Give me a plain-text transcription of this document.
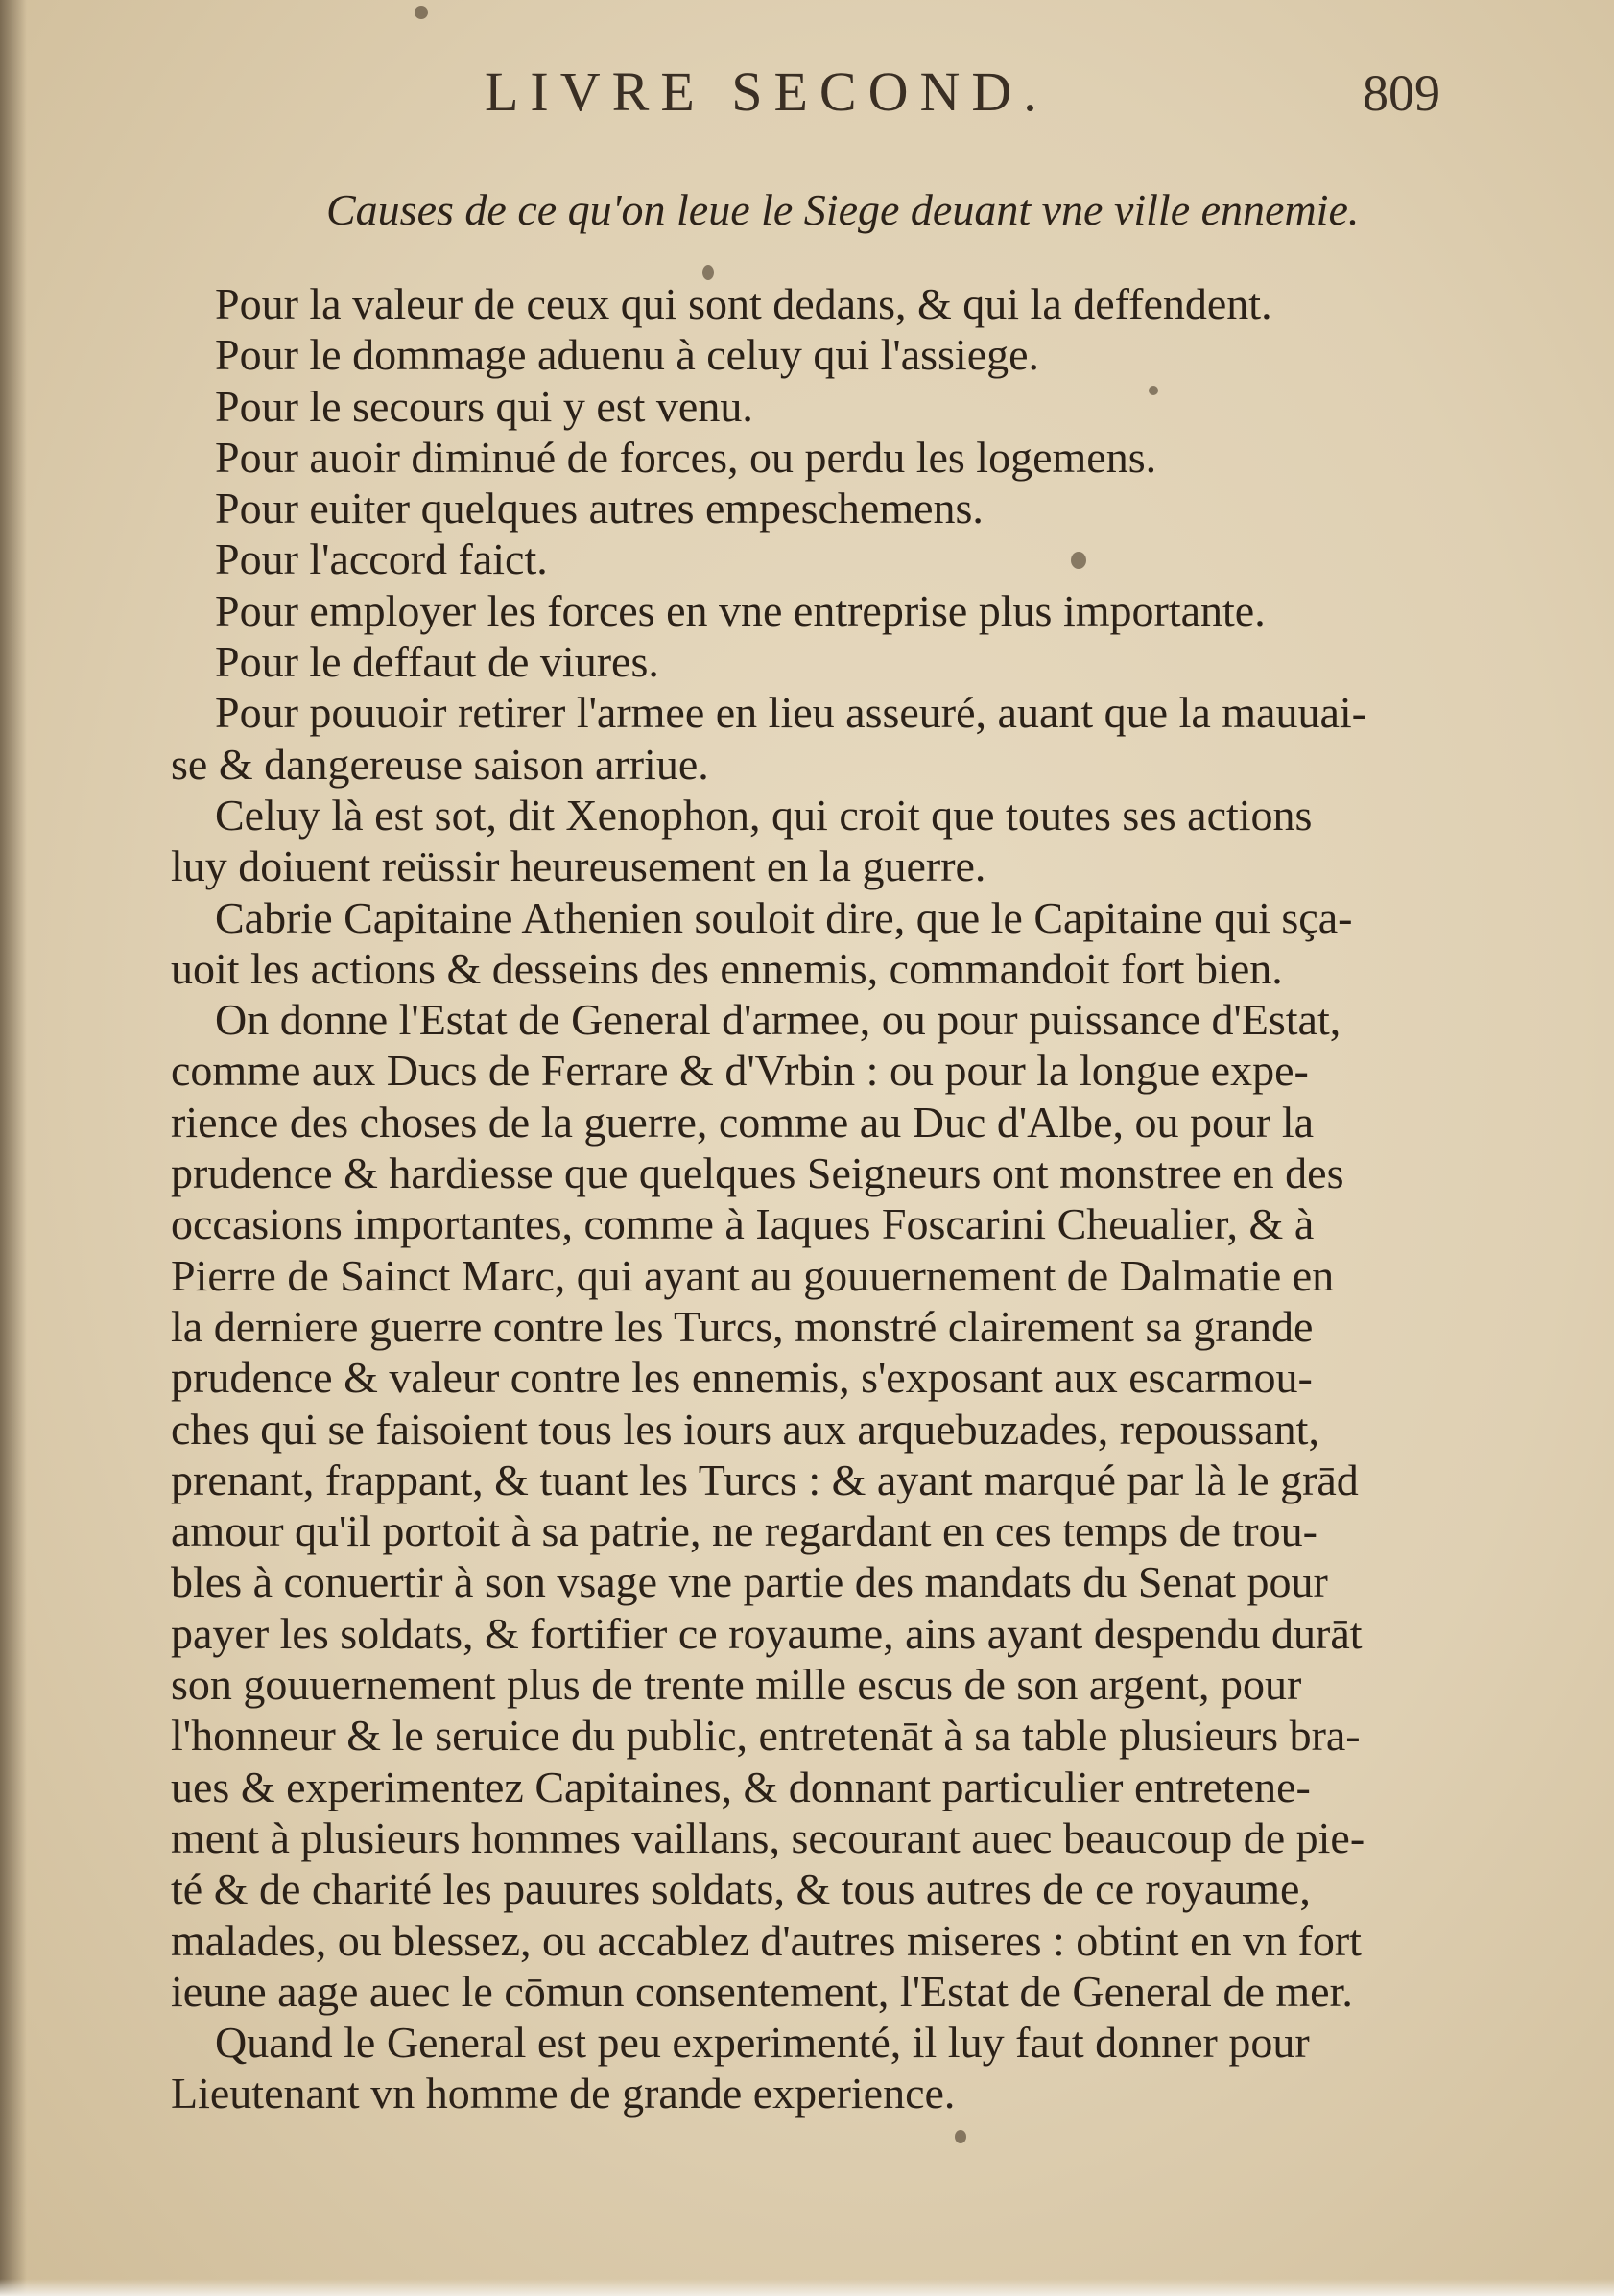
LIVRE SECOND.	809
Causes de ce qu'on leue le Siege deuant vne ville ennemie.
Pour la valeur de ceux qui sont dedans, & qui la deffendent.
Pour le dommage aduenu à celuy qui l'assiege.
Pour le secours qui y est venu.
Pour auoir diminué de forces, ou perdu les logemens.
Pour euiter quelques autres empeschemens.
Pour l'accord faict.
Pour employer les forces en vne entreprise plus importante.
Pour le deffaut de viures.
Pour pouuoir retirer l'armee en lieu asseuré, auant que la mauuai-
se & dangereuse saison arriue.
Celuy là est sot, dit Xenophon, qui croit que toutes ses actions
luy doiuent reüssir heureusement en la guerre.
Cabrie Capitaine Athenien souloit dire, que le Capitaine qui sça-
uoit les actions & desseins des ennemis, commandoit fort bien.
On donne l'Estat de General d'armee, ou pour puissance d'Estat,
comme aux Ducs de Ferrare & d'Vrbin : ou pour la longue expe-
rience des choses de la guerre, comme au Duc d'Albe, ou pour la
prudence & hardiesse que quelques Seigneurs ont monstree en des
occasions importantes, comme à Iaques Foscarini Cheualier, & à
Pierre de Sainct Marc, qui ayant au gouuernement de Dalmatie en
la derniere guerre contre les Turcs, monstré clairement sa grande
prudence & valeur contre les ennemis, s'exposant aux escarmou-
ches qui se faisoient tous les iours aux arquebuzades, repoussant,
prenant, frappant, & tuant les Turcs : & ayant marqué par là le grād
amour qu'il portoit à sa patrie, ne regardant en ces temps de trou-
bles à conuertir à son vsage vne partie des mandats du Senat pour
payer les soldats, & fortifier ce royaume, ains ayant despendu durāt
son gouuernement plus de trente mille escus de son argent, pour
l'honneur & le seruice du public, entretenāt à sa table plusieurs bra-
ues & experimentez Capitaines, & donnant particulier entretene-
ment à plusieurs hommes vaillans, secourant auec beaucoup de pie-
té & de charité les pauures soldats, & tous autres de ce royaume,
malades, ou blessez, ou accablez d'autres miseres : obtint en vn fort
ieune aage auec le cōmun consentement, l'Estat de General de mer.
Quand le General est peu experimenté, il luy faut donner pour
Lieutenant vn homme de grande experience.
